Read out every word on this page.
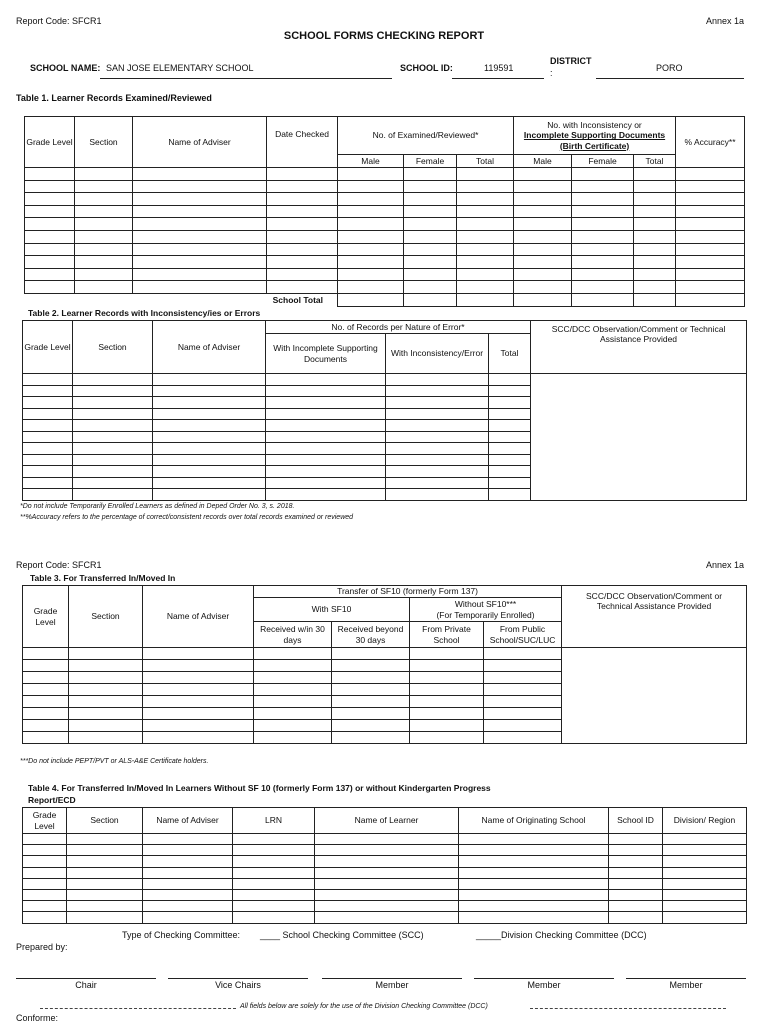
Report Code: SFCR1	Annex 1a
SCHOOL FORMS CHECKING REPORT
SCHOOL NAME: SAN JOSE ELEMENTARY SCHOOL	SCHOOL ID:	119591
DISTRICT
:	PORO
Table 1. Learner Records Examined/Reviewed
Grade Level	Section	Name of Adviser	Date Checked	No. of Examined/Reviewed*			No. with Inconsistency or
Incomplete Supporting Documents
(Birth Certificate)			% Accuracy**
				Male	Female	Total	Male	Female	Total	

School Total										
Table 2. Learner Records with Inconsistency/ies or Errors
Grade Level	Section	Name of Adviser	No. of Records per Nature of Error*			SCC/DCC Observation/Comment or Technical Assistance Provided
			With Incomplete Supporting Documents	With Inconsistency/Error	Total	

*Do not include Temporarily Enrolled Learners as defined in Deped Order No. 3, s. 2018.
**%Accuracy refers to the percentage of correct/consistent records over total records examined or reviewed
Report Code: SFCR1	Annex 1a
Table 3. For Transferred In/Moved In
Grade Level	Section	Name of Adviser	Transfer of SF10 (formerly Form 137)				SCC/DCC Observation/Comment or Technical Assistance Provided
			With SF10		Without SF10***
(For Temporarily Enrolled)		

			Received w/in 30 days	Received beyond 30 days	From Private School	From Public School/SUC/LUC	

***Do not include PEPT/PVT or ALS-A&E Certificate holders.
Table 4. For Transferred In/Moved In Learners Without SF 10 (formerly Form 137) or without Kindergarten Progress
Report/ECD
Grade Level	Section	Name of Adviser	LRN	Name of Learner	Name of Originating School	School ID	Division/ Region

Type of Checking Committee: ____ School Checking Committee (SCC)	_____Division Checking Committee (DCC)
Prepared by:
Chair	Vice Chairs	Member	Member	Member
All fields below are solely for the use of the Division Checking Committee (DCC)
Conforme:
